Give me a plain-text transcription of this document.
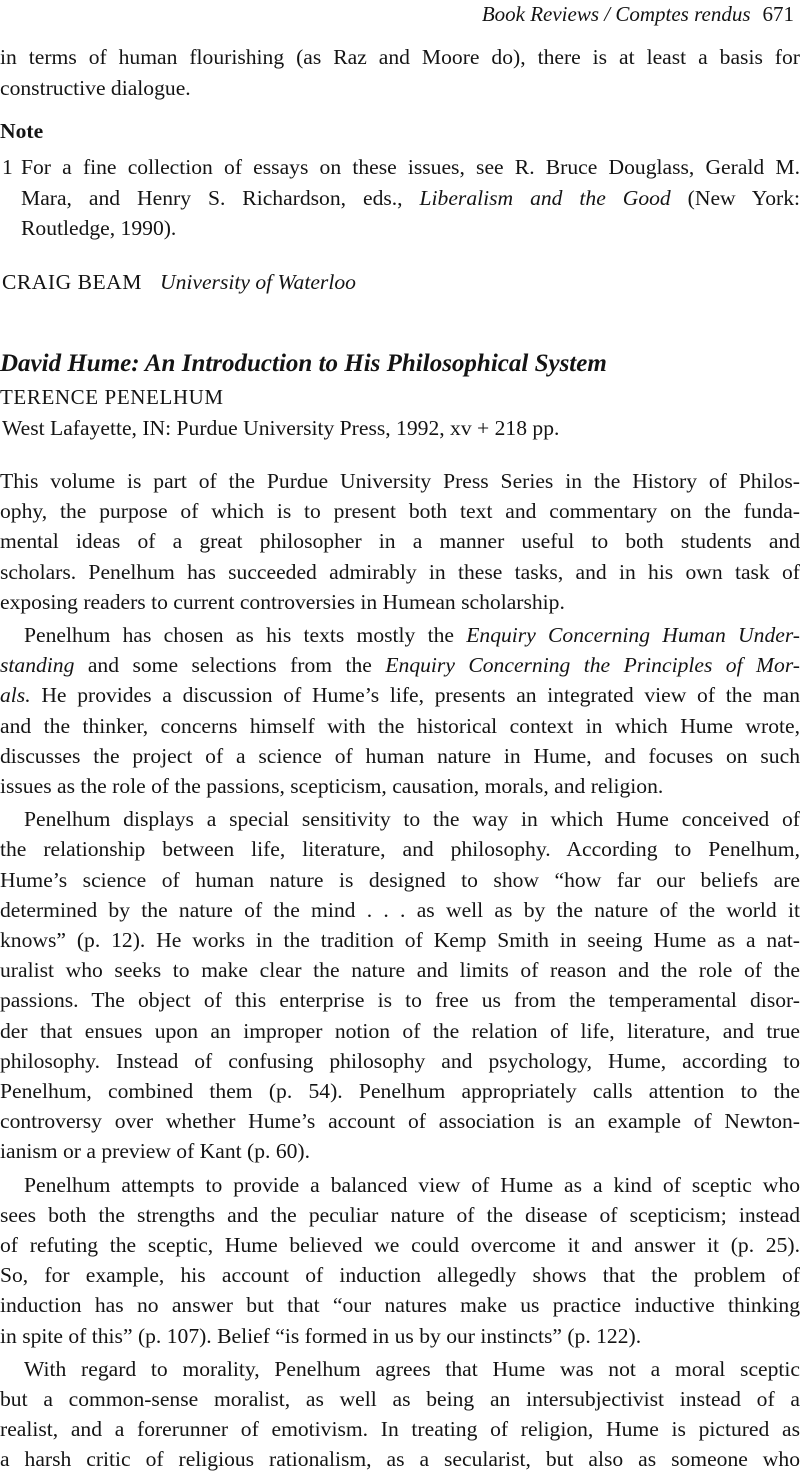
Book Reviews / Comptes rendus 671
in terms of human flourishing (as Raz and Moore do), there is at least a basis for
constructive dialogue.
Note
1 For a fine collection of essays on these issues, see R. Bruce Douglass, Gerald M.
Mara, and Henry S. Richardson, eds., Liberalism and the Good (New York:
Routledge, 1990).
CRAIG BEAM University of Waterloo
David Hume: An Introduction to His Philosophical System
TERENCE PENELHUM
West Lafayette, IN: Purdue University Press, 1992, xv + 218 pp.
This volume is part of the Purdue University Press Series in the History of Philos-
ophy, the purpose of which is to present both text and commentary on the funda-
mental ideas of a great philosopher in a manner useful to both students and
scholars. Penelhum has succeeded admirably in these tasks, and in his own task of
exposing readers to current controversies in Humean scholarship.
Penelhum has chosen as his texts mostly the Enquiry Concerning Human Under-
standing and some selections from the Enquiry Concerning the Principles of Mor-
als. He provides a discussion of Hume’s life, presents an integrated view of the man
and the thinker, concerns himself with the historical context in which Hume wrote,
discusses the project of a science of human nature in Hume, and focuses on such
issues as the role of the passions, scepticism, causation, morals, and religion.
Penelhum displays a special sensitivity to the way in which Hume conceived of
the relationship between life, literature, and philosophy. According to Penelhum,
Hume’s science of human nature is designed to show “how far our beliefs are
determined by the nature of the mind . . . as well as by the nature of the world it
knows” (p. 12). He works in the tradition of Kemp Smith in seeing Hume as a nat-
uralist who seeks to make clear the nature and limits of reason and the role of the
passions. The object of this enterprise is to free us from the temperamental disor-
der that ensues upon an improper notion of the relation of life, literature, and true
philosophy. Instead of confusing philosophy and psychology, Hume, according to
Penelhum, combined them (p. 54). Penelhum appropriately calls attention to the
controversy over whether Hume’s account of association is an example of Newton-
ianism or a preview of Kant (p. 60).
Penelhum attempts to provide a balanced view of Hume as a kind of sceptic who
sees both the strengths and the peculiar nature of the disease of scepticism; instead
of refuting the sceptic, Hume believed we could overcome it and answer it (p. 25).
So, for example, his account of induction allegedly shows that the problem of
induction has no answer but that “our natures make us practice inductive thinking
in spite of this” (p. 107). Belief “is formed in us by our instincts” (p. 122).
With regard to morality, Penelhum agrees that Hume was not a moral sceptic
but a common-sense moralist, as well as being an intersubjectivist instead of a
realist, and a forerunner of emotivism. In treating of religion, Hume is pictured as
a harsh critic of religious rationalism, as a secularist, but also as someone who
